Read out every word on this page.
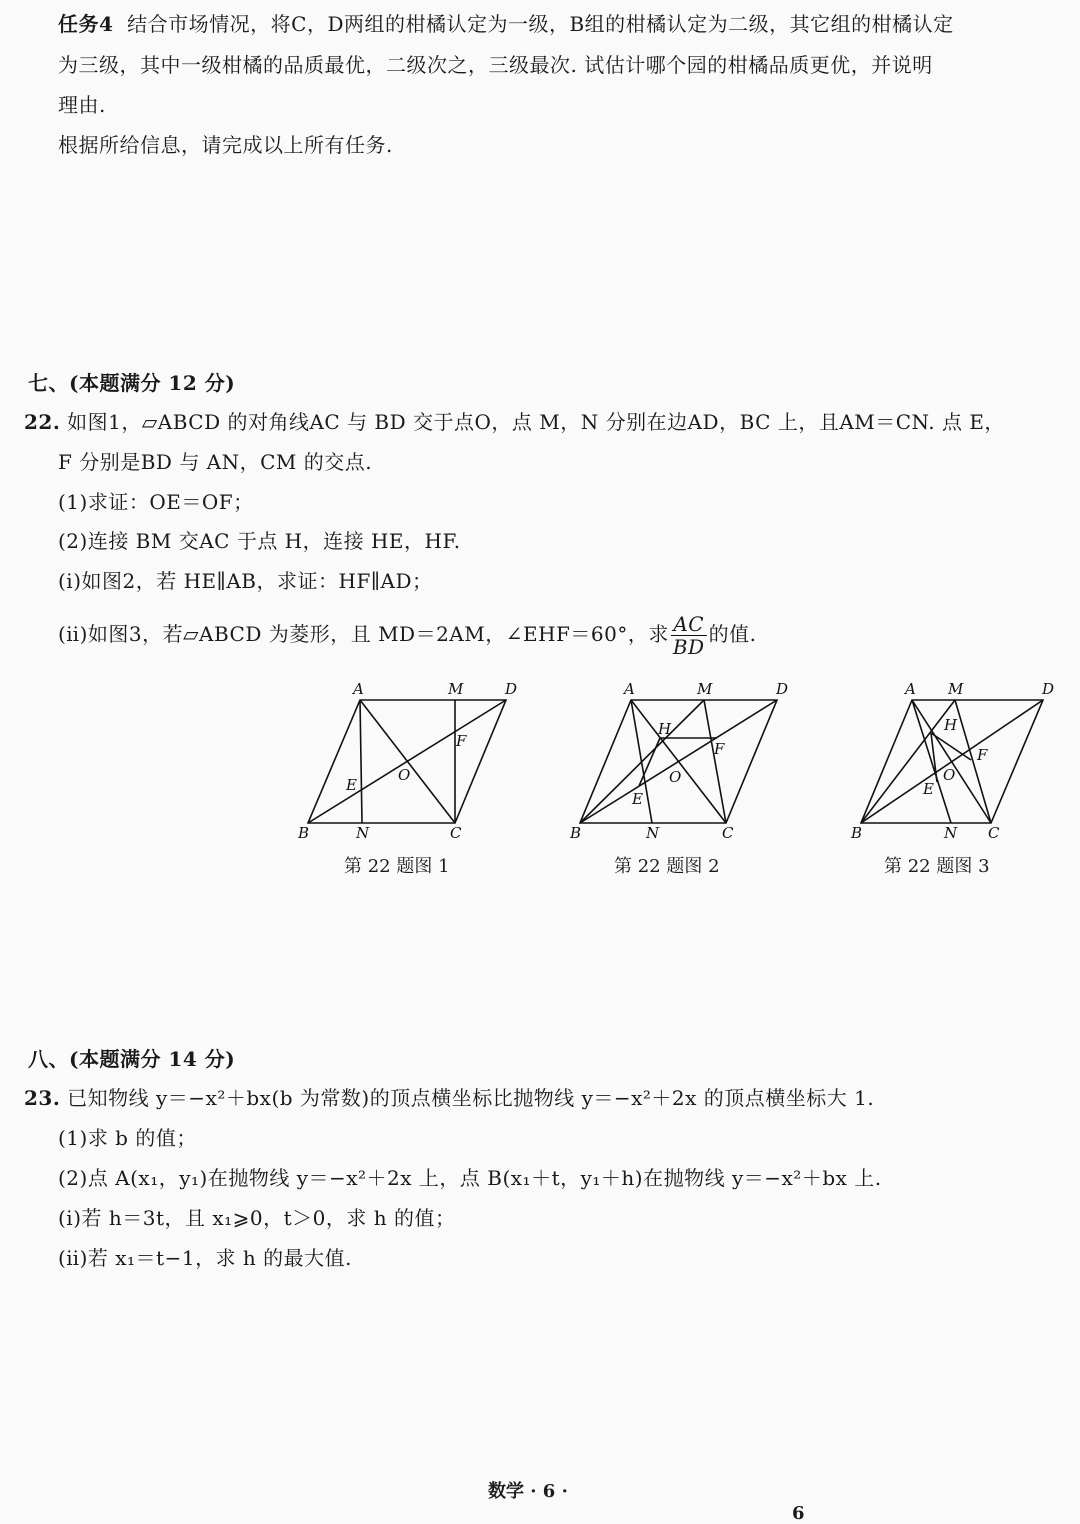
任务4 结合市场情况，将C，D两组的柑橘认定为一级，B组的柑橘认定为二级，其它组的柑橘认定
为三级，其中一级柑橘的品质最优，二级次之，三级最次. 试估计哪个园的柑橘品质更优，并说明
理由.
根据所给信息，请完成以上所有任务.
七、(本题满分 12 分)
22. 如图1，▱ABCD 的对角线AC 与 BD 交于点O，点 M，N 分别在边AD，BC 上，且AM＝CN. 点 E，
F 分别是BD 与 AN，CM 的交点.
(1)求证：OE＝OF；
(2)连接 BM 交AC 于点 H，连接 HE，HF.
(ⅰ)如图2，若 HE∥AB，求证：HF∥AD；
(ⅱ)如图3，若▱ABCD 为菱形，且 MD＝2AM，∠EHF＝60°，求 $\frac{AC}{BD}$ 的值.
A	M	D
B	N	C
E
O
F
第 22 题图 1
A	M	D
B	N	C
H
E
O
F
第 22 题图 2
A M	D
B	N C
H
E
O
F
第 22 题图 3
八、(本题满分 14 分)
23. 已知物线 y＝−x²＋bx(b 为常数)的顶点横坐标比抛物线 y＝−x²＋2x 的顶点横坐标大 1.
(1)求 b 的值；
(2)点 A(x₁，y₁)在抛物线 y＝−x²＋2x 上，点 B(x₁＋t，y₁＋h)在抛物线 y＝−x²＋bx 上.
(ⅰ)若 h＝3t，且 x₁⩾0，t＞0，求 h 的值；
(ⅱ)若 x₁＝t−1，求 h 的最大值.
数学 · 6 ·
6
